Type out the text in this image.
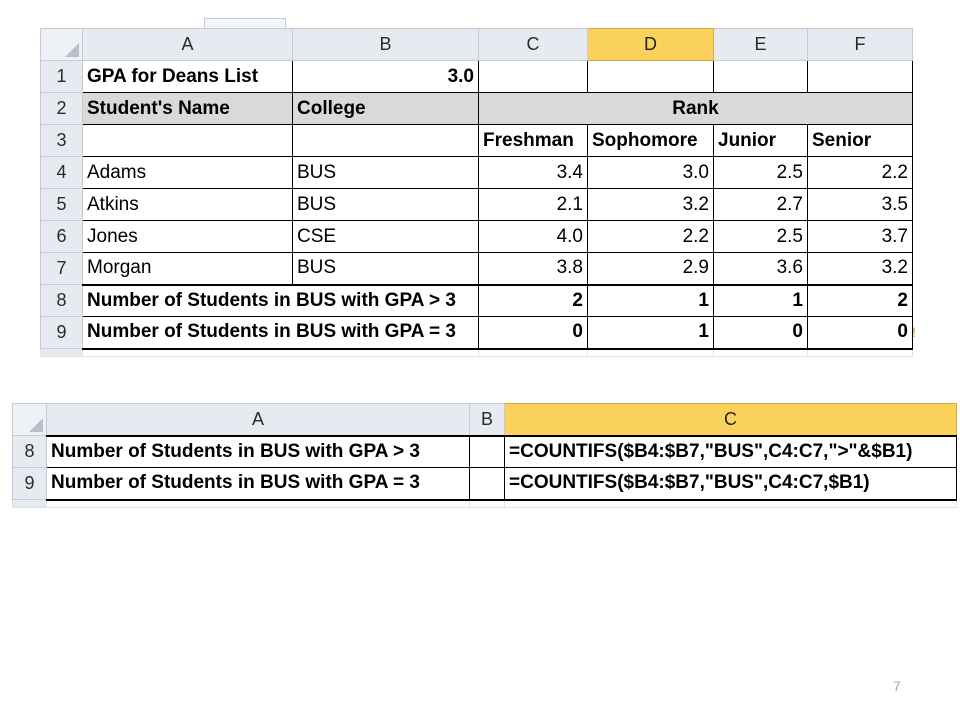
	A	B	C	D	E	F
1	GPA for Deans List	3.0				
2	Student's Name	College	Rank			
3			Freshman	Sophomore	Junior	Senior
4	Adams	BUS	3.4	3.0	2.5	2.2
5	Atkins	BUS	2.1	3.2	2.7	3.5
6	Jones	CSE	4.0	2.2	2.5	3.7
7	Morgan	BUS	3.8	2.9	3.6	3.2
8	Number of Students in BUS with GPA > 3		2	1	1	2
9	Number of Students in BUS with GPA = 3		0	1	0	0
					!
	A	B	C
8	Number of Students in BUS with GPA > 3		=COUNTIFS($B4:$B7,"BUS",C4:C7,">"&$B1)
9	Number of Students in BUS with GPA = 3		=COUNTIFS($B4:$B7,"BUS",C4:C7,$B1)

7
